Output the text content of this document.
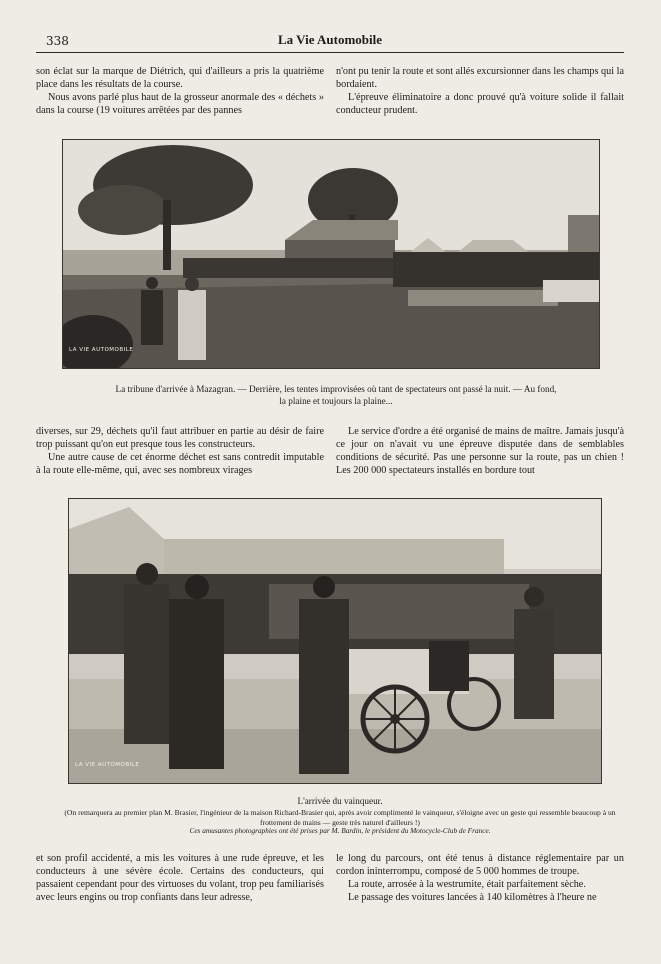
338	La Vie Automobile

son éclat sur la marque de Diétrich, qui d'ailleurs a pris la quatrième place dans les résultats de la course.

Nous avons parlé plus haut de la grosseur anormale des « déchets » dans la course (19 voitures arrêtées par des pannes

n'ont pu tenir la route et sont allés excursionner dans les champs qui la bordaient.

L'épreuve éliminatoire a donc prouvé qu'à voiture solide il fallait conducteur prudent.

LA VIE AUTOMOBILE
La tribune d'arrivée à Mazagran. — Derrière, les tentes improvisées où tant de spectateurs ont passé la nuit. — Au fond,
la plaine et toujours la plaine...

diverses, sur 29, déchets qu'il faut attribuer en partie au désir de faire trop puissant qu'on eut presque tous les constructeurs.

Une autre cause de cet énorme déchet est sans contredit imputable à la route elle-même, qui, avec ses nombreux virages

Le service d'ordre a été organisé de mains de maître. Jamais jusqu'à ce jour on n'avait vu une épreuve disputée dans de semblables conditions de sécurité. Pas une personne sur la route, pas un chien ! Les 200 000 spectateurs installés en bordure tout

LA VIE AUTOMOBILE
L'arrivée du vainqueur.
(On remarquera au premier plan M. Brasier, l'ingénieur de la maison Richard-Brasier qui, après avoir complimenté le vainqueur, s'éloigne avec un geste qui ressemble beaucoup à un frottement de mains — geste très naturel d'ailleurs !)
Ces amusantes photographies ont été prises par M. Bardin, le président du Motocycle-Club de France.

et son profil accidenté, a mis les voitures à une rude épreuve, et les conducteurs à une sévère école. Certains des conducteurs, qui passaient cependant pour des virtuoses du volant, trop peu familiarisés avec leurs engins ou trop confiants dans leur adresse,

le long du parcours, ont été tenus à distance réglementaire par un cordon ininterrompu, composé de 5 000 hommes de troupe.

La route, arrosée à la westrumite, était parfaitement sèche.

Le passage des voitures lancées à 140 kilomètres à l'heure ne
